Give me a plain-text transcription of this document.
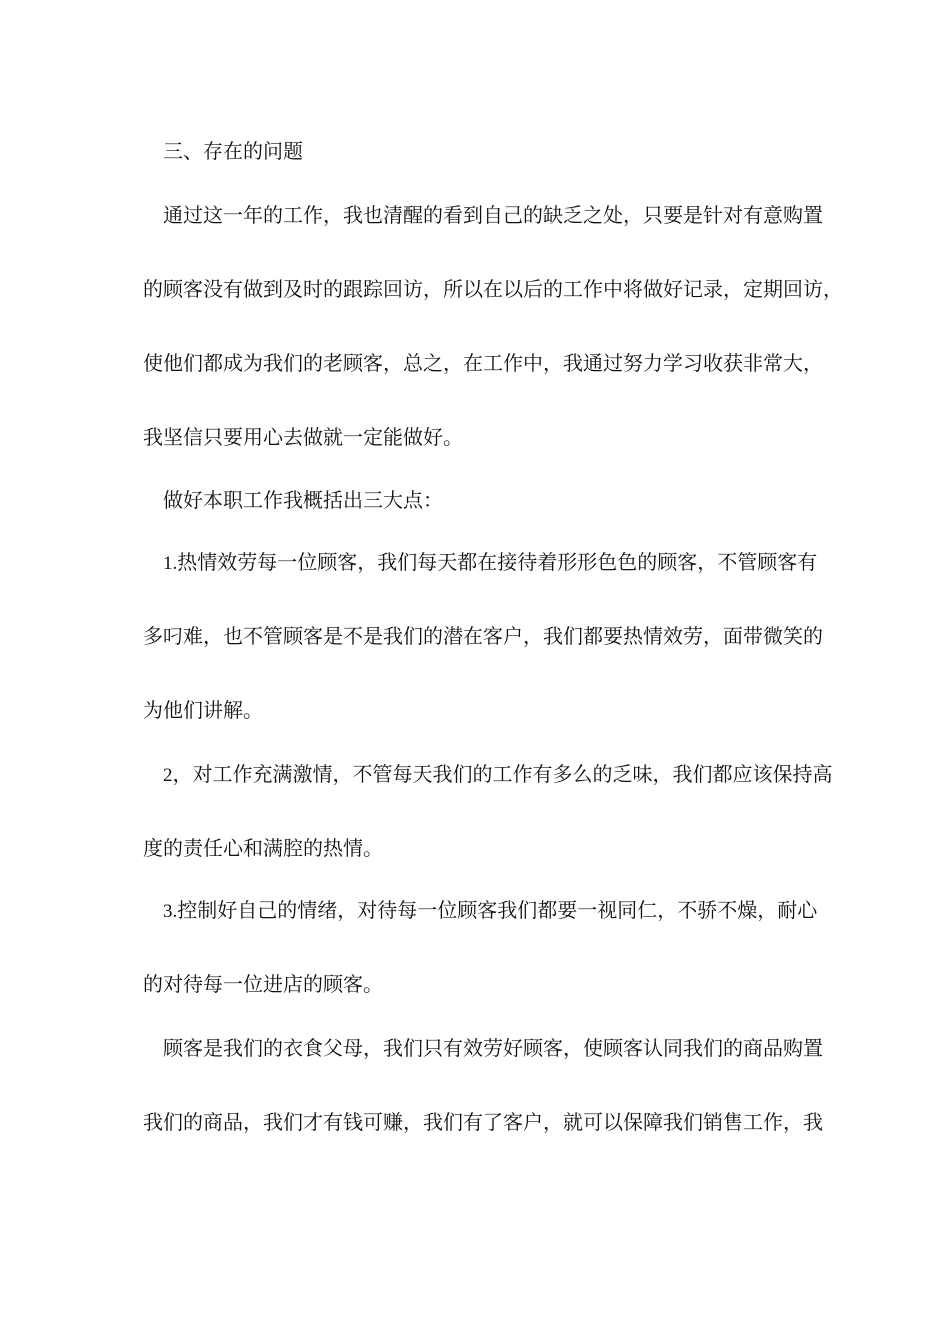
三、存在的问题
通过这一年的工作，我也清醒的看到自己的缺乏之处，只要是针对有意购置
的顾客没有做到及时的跟踪回访，所以在以后的工作中将做好记录，定期回访，
使他们都成为我们的老顾客，总之，在工作中，我通过努力学习收获非常大，
我坚信只要用心去做就一定能做好。
做好本职工作我概括出三大点：
1.热情效劳每一位顾客，我们每天都在接待着形形色色的顾客，不管顾客有
多叼难，也不管顾客是不是我们的潜在客户，我们都要热情效劳，面带微笑的
为他们讲解。
2，对工作充满激情，不管每天我们的工作有多么的乏味，我们都应该保持高
度的责任心和满腔的热情。
3.控制好自己的情绪，对待每一位顾客我们都要一视同仁，不骄不燥，耐心
的对待每一位进店的顾客。
顾客是我们的衣食父母，我们只有效劳好顾客，使顾客认同我们的商品购置
我们的商品，我们才有钱可赚，我们有了客户，就可以保障我们销售工作，我
